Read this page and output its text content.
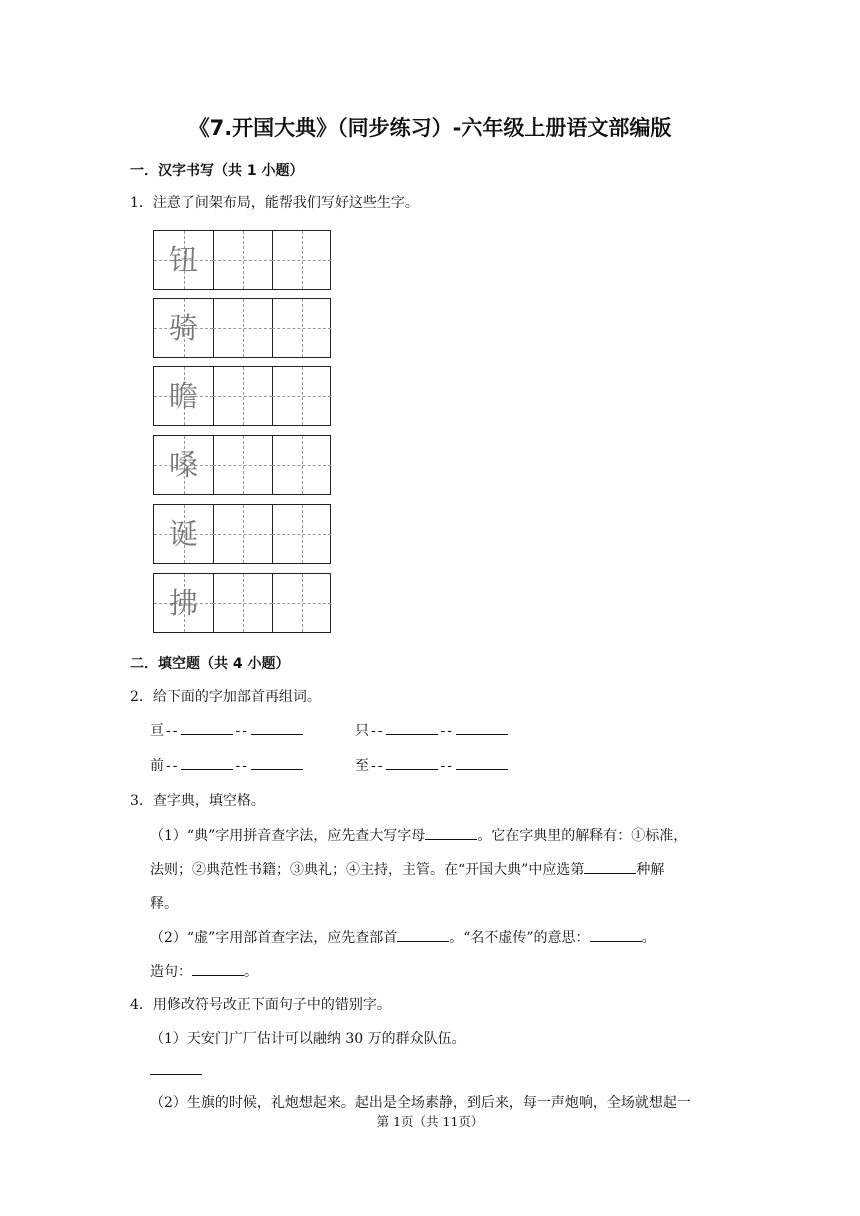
《7.开国大典》（同步练习）-六年级上册语文部编版
一．汉字书写（共 1 小题）
1．注意了间架布局，能帮我们写好这些生字。
钮
骑
瞻
嗓
诞
拂
二．填空题（共 4 小题）
2．给下面的字加部首再组词。
亘 --	--	只 --	--
前 --	--	至 --	--
3．查字典，填空格。
（1）“典”字用拼音查字法，应先查大写字母	。它在字典里的解释有：①标准，
法则；②典范性书籍；③典礼；④主持，主管。在“开国大典”中应选第	种解
释。
（2）“虚”字用部首查字法，应先查部首	。“名不虚传”的意思：	。
造句：	。
4．用修改符号改正下面句子中的错别字。
（1）天安门广厂估计可以融纳 30 万的群众队伍。
（2）生旗的时候，礼炮想起来。起出是全场素静，到后来，每一声炮响，全场就想起一
第 1页（共 11页）
